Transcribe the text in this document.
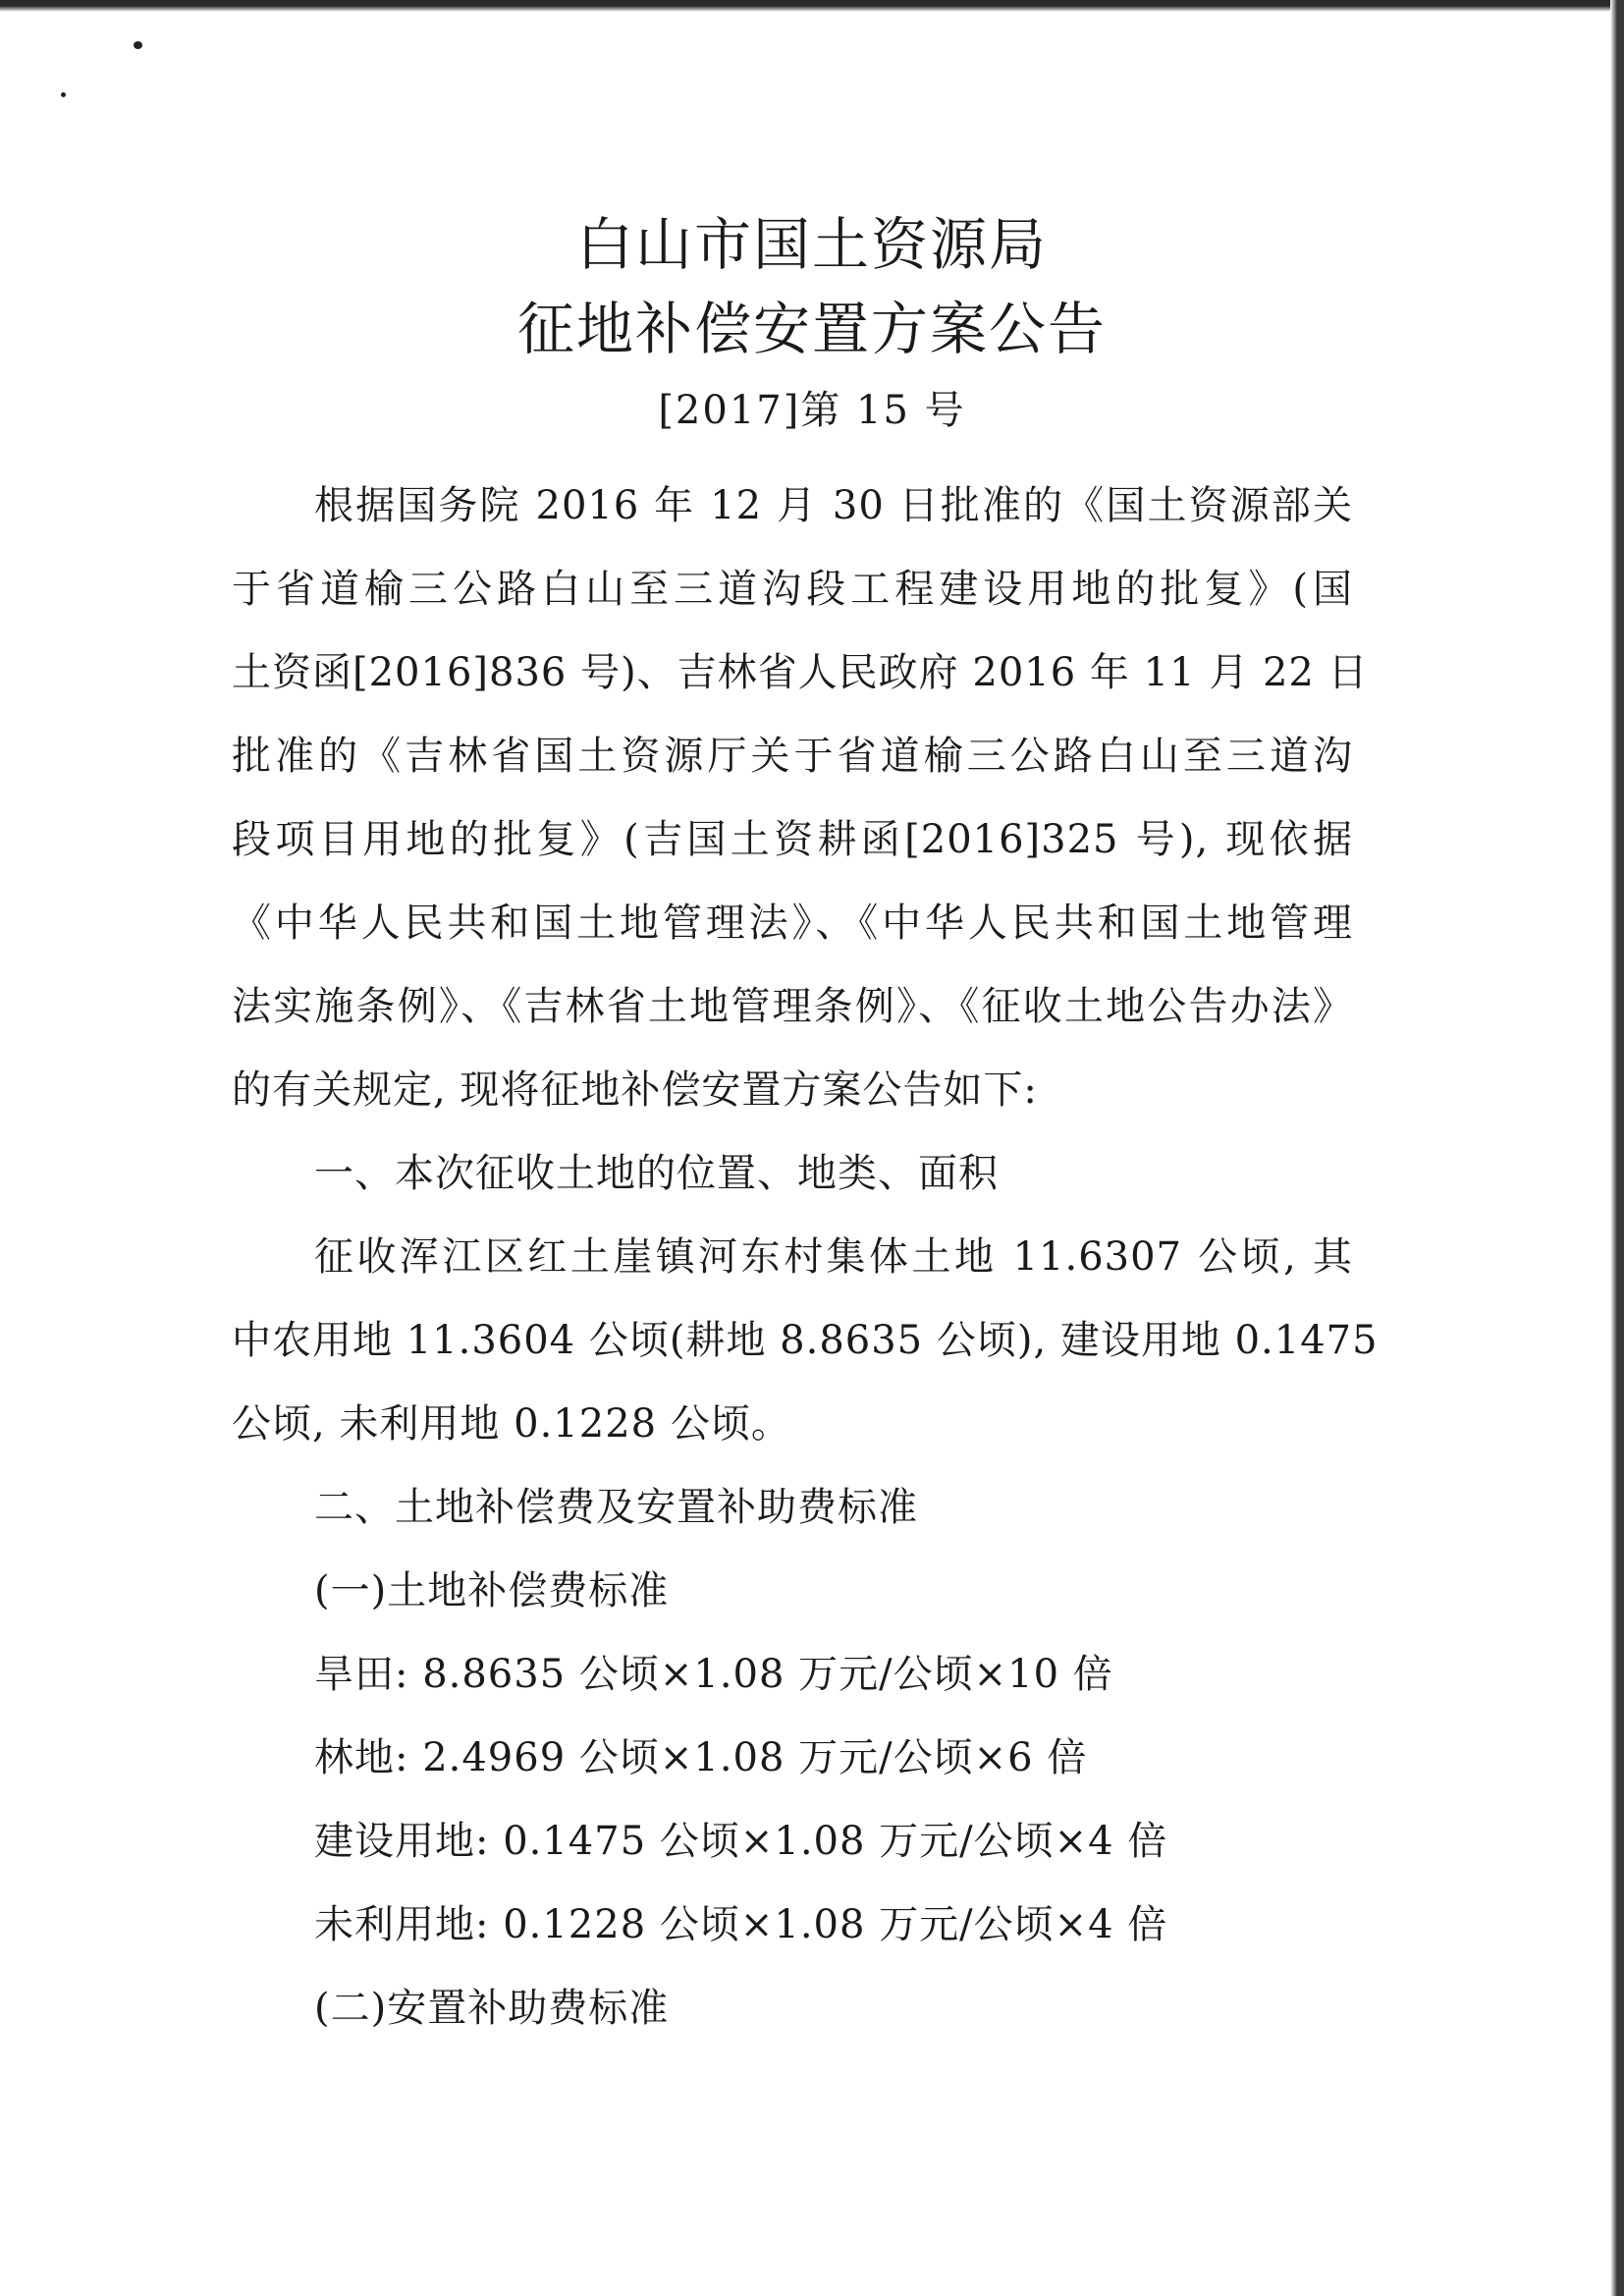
白山市国土资源局
征地补偿安置方案公告
[2017]第 15 号
根据国务院 2016 年 12 月 30 日批准的《国土资源部关
于省道榆三公路白山至三道沟段工程建设用地的批复》(国
土资函[2016]836 号)、吉林省人民政府 2016 年 11 月 22 日
批准的《吉林省国土资源厅关于省道榆三公路白山至三道沟
段项目用地的批复》(吉国土资耕函[2016]325 号), 现依据
《中华人民共和国土地管理法》、《中华人民共和国土地管理
法实施条例》、《吉林省土地管理条例》、《征收土地公告办法》
的有关规定, 现将征地补偿安置方案公告如下:
一、本次征收土地的位置、地类、面积
征收浑江区红土崖镇河东村集体土地 11.6307 公顷, 其
中农用地 11.3604 公顷(耕地 8.8635 公顷), 建设用地 0.1475
公顷, 未利用地 0.1228 公顷。
二、土地补偿费及安置补助费标准
(一)土地补偿费标准
旱田: 8.8635 公顷×1.08 万元/公顷×10 倍
林地: 2.4969 公顷×1.08 万元/公顷×6 倍
建设用地: 0.1475 公顷×1.08 万元/公顷×4 倍
未利用地: 0.1228 公顷×1.08 万元/公顷×4 倍
(二)安置补助费标准
